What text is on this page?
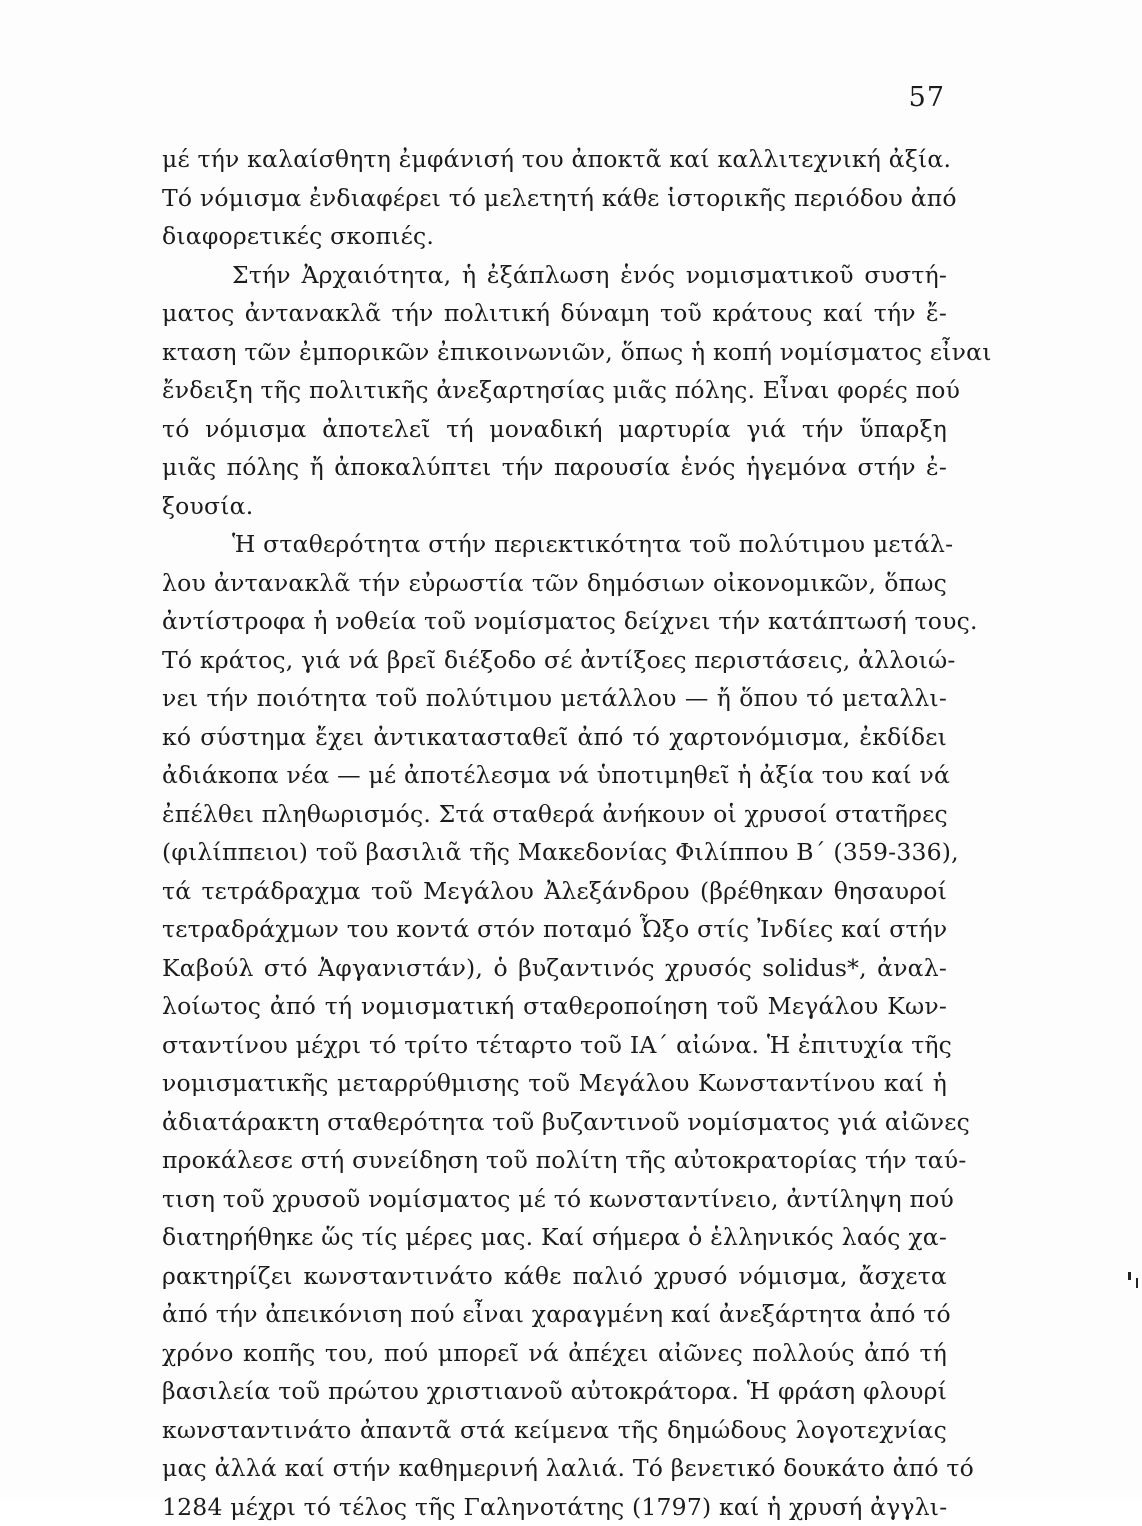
57
μέ τήν καλαίσθητη ἐμφάνισή του ἀποκτᾶ καί καλλιτεχνική ἀξία.
Τό νόμισμα ἐνδιαφέρει τό μελετητή κάθε ἱστορικῆς περιόδου ἀπό
διαφορετικές σκοπιές.
Στήν Ἀρχαιότητα, ἡ ἐξάπλωση ἑνός νομισματικοῦ συστή-
ματος ἀντανακλᾶ τήν πολιτική δύναμη τοῦ κράτους καί τήν ἔ-
κταση τῶν ἐμπορικῶν ἐπικοινωνιῶν, ὅπως ἡ κοπή νομίσματος εἶναι
ἔνδειξη τῆς πολιτικῆς ἀνεξαρτησίας μιᾶς πόλης. Εἶναι φορές πού
τό νόμισμα ἀποτελεῖ τή μοναδική μαρτυρία γιά τήν ὕπαρξη
μιᾶς πόλης ἤ ἀποκαλύπτει τήν παρουσία ἑνός ἡγεμόνα στήν ἐ-
ξουσία.
Ἡ σταθερότητα στήν περιεκτικότητα τοῦ πολύτιμου μετάλ-
λου ἀντανακλᾶ τήν εὐρωστία τῶν δημόσιων οἰκονομικῶν, ὅπως
ἀντίστροφα ἡ νοθεία τοῦ νομίσματος δείχνει τήν κατάπτωσή τους.
Τό κράτος, γιά νά βρεῖ διέξοδο σέ ἀντίξοες περιστάσεις, ἀλλοιώ-
νει τήν ποιότητα τοῦ πολύτιμου μετάλλου — ἤ ὅπου τό μεταλλι-
κό σύστημα ἔχει ἀντικατασταθεῖ ἀπό τό χαρτονόμισμα, ἐκδίδει
ἀδιάκοπα νέα — μέ ἀποτέλεσμα νά ὑποτιμηθεῖ ἡ ἀξία του καί νά
ἐπέλθει πληθωρισμός. Στά σταθερά ἀνήκουν οἱ χρυσοί στατῆρες
(φιλίππειοι) τοῦ βασιλιᾶ τῆς Μακεδονίας Φιλίππου Β΄ (359-336),
τά τετράδραχμα τοῦ Μεγάλου Ἀλεξάνδρου (βρέθηκαν θησαυροί
τετραδράχμων του κοντά στόν ποταμό Ὦξο στίς Ἰνδίες καί στήν
Καβούλ στό Ἀφγανιστάν), ὁ βυζαντινός χρυσός solidus*, ἀναλ-
λοίωτος ἀπό τή νομισματική σταθεροποίηση τοῦ Μεγάλου Κων-
σταντίνου μέχρι τό τρίτο τέταρτο τοῦ ΙΑ΄ αἰώνα. Ἡ ἐπιτυχία τῆς
νομισματικῆς μεταρρύθμισης τοῦ Μεγάλου Κωνσταντίνου καί ἡ
ἀδιατάρακτη σταθερότητα τοῦ βυζαντινοῦ νομίσματος γιά αἰῶνες
προκάλεσε στή συνείδηση τοῦ πολίτη τῆς αὐτοκρατορίας τήν ταύ-
τιση τοῦ χρυσοῦ νομίσματος μέ τό κωνσταντίνειο, ἀντίληψη πού
διατηρήθηκε ὥς τίς μέρες μας. Καί σήμερα ὁ ἑλληνικός λαός χα-
ρακτηρίζει κωνσταντινάτο κάθε παλιό χρυσό νόμισμα, ἄσχετα
ἀπό τήν ἀπεικόνιση πού εἶναι χαραγμένη καί ἀνεξάρτητα ἀπό τό
χρόνο κοπῆς του, πού μπορεῖ νά ἀπέχει αἰῶνες πολλούς ἀπό τή
βασιλεία τοῦ πρώτου χριστιανοῦ αὐτοκράτορα. Ἡ φράση φλουρί
κωνσταντινάτο ἀπαντᾶ στά κείμενα τῆς δημώδους λογοτεχνίας
μας ἀλλά καί στήν καθημερινή λαλιά. Τό βενετικό δουκάτο ἀπό τό
1284 μέχρι τό τέλος τῆς Γαληνοτάτης (1797) καί ἡ χρυσή ἀγγλι-
